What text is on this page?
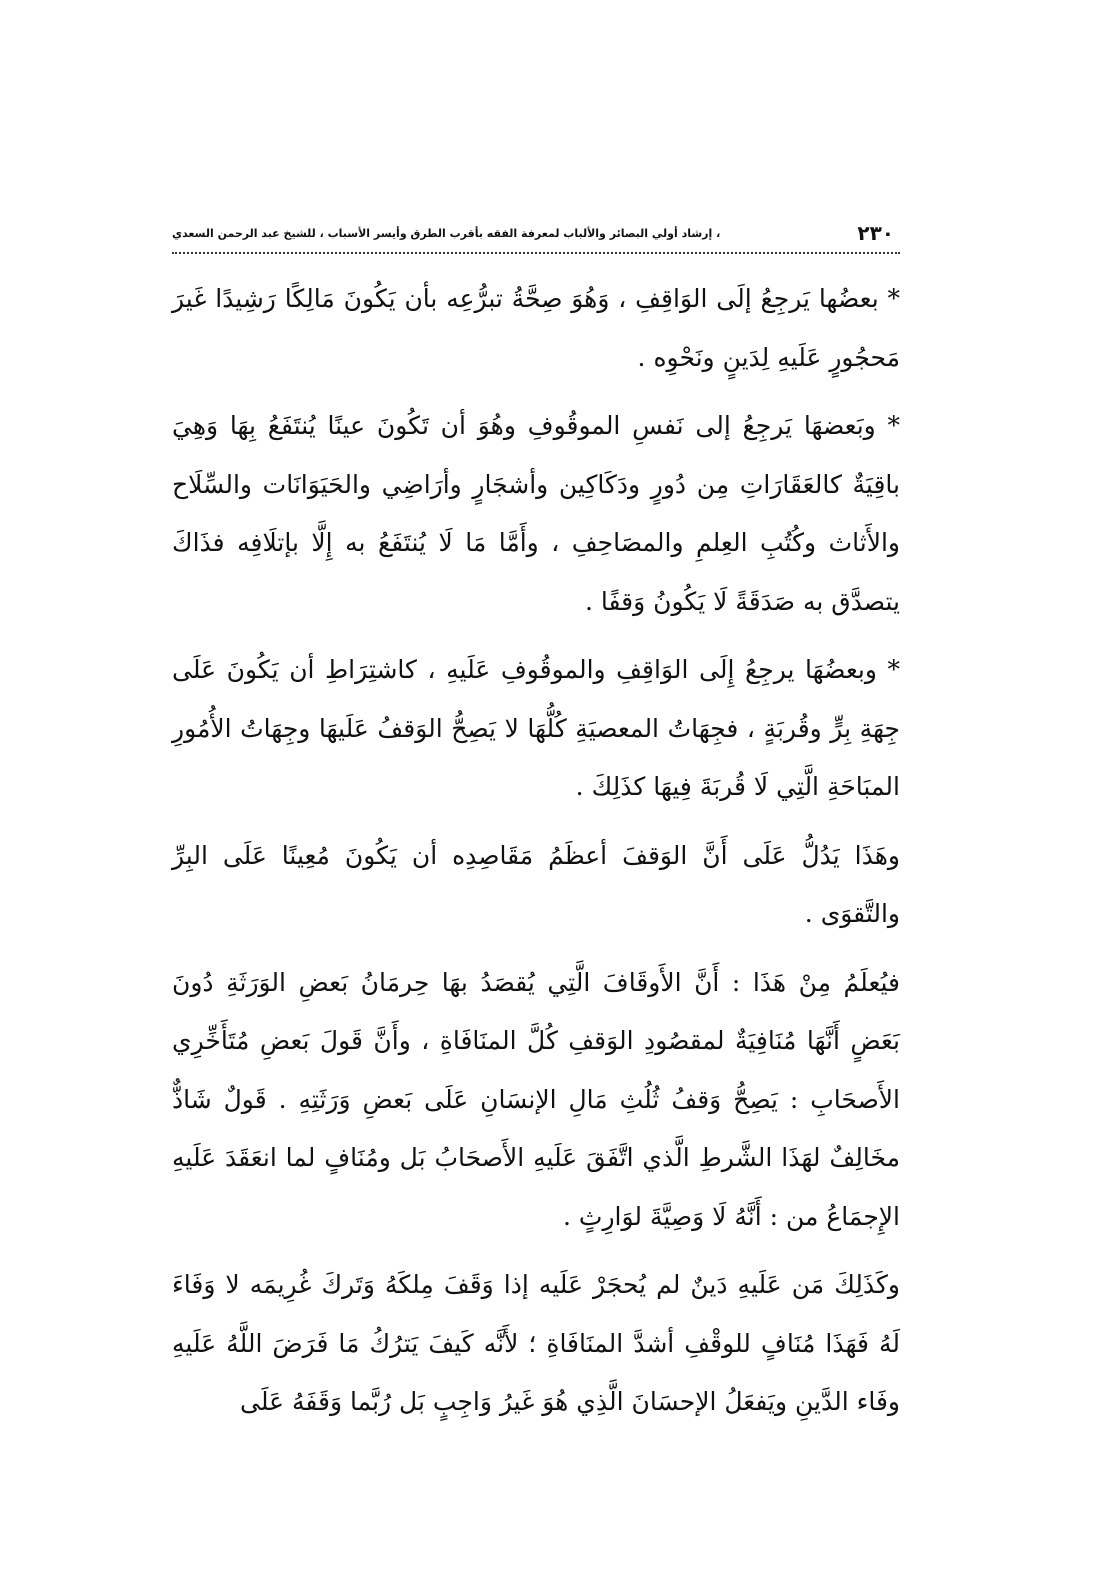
٢٣٠
، إرشاد أولي البصائر والألباب لمعرفة الفقه بأقرب الطرق وأيسر الأسباب ، للشيخ عبد الرحمن السعدي

* بعضُها يَرجِعُ إلَى الوَاقِفِ ، وَهُوَ صِحَّةُ تبرُّعِه بأن يَكُونَ مَالِكًا رَشِيدًا غَيرَ مَحجُورٍ عَلَيهِ لِدَينٍ ونَحْوِه .

* وبَعضهَا يَرجِعُ إلى نَفسِ الموقُوفِ وهُوَ أن تَكُونَ عينًا يُنتَفَعُ بِهَا وَهِيَ باقِيَةٌ كالعَقَارَاتِ مِن دُورٍ ودَكَاكِين وأشجَارٍ وأرَاضِي والحَيَوَانَات والسِّلَاح والأَثاث وكُتُبِ العِلمِ والمصَاحِفِ ، وأَمَّا مَا لَا يُنتَفَعُ به إِلَّا بإتلَافِه فذَاكَ يتصدَّق به صَدَقَةً لَا يَكُونُ وَقفًا .

* وبعضُهَا يرجِعُ إِلَى الوَاقِفِ والموقُوفِ عَلَيهِ ، كاشتِرَاطِ أن يَكُونَ عَلَى جِهَةِ بِرٍّ وقُربَةٍ ، فجِهَاتُ المعصيَةِ كُلُّهَا لا يَصِحُّ الوَقفُ عَلَيهَا وجِهَاتُ الأُمُورِ المبَاحَةِ الَّتِي لَا قُربَةَ فِيهَا كذَلِكَ .

وهَذَا يَدُلُّ عَلَى أَنَّ الوَقفَ أعظَمُ مَقَاصِدِه أن يَكُونَ مُعِينًا عَلَى البِرِّ والتَّقوَى .

فيُعلَمُ مِنْ هَذَا : أَنَّ الأَوقَافَ الَّتِي يُقصَدُ بهَا حِرمَانُ بَعضِ الوَرَثَةِ دُونَ بَعَضٍ أَنَّهَا مُنَافِيَةٌ لمقصُودِ الوَقفِ كُلَّ المنَافَاةِ ، وأَنَّ قَولَ بَعضِ مُتَأَخِّرِي الأَصحَابِ : يَصِحُّ وَقفُ ثُلُثِ مَالِ الإنسَانِ عَلَى بَعضِ وَرَثَتِهِ . قَولٌ شَاذٌّ مخَالِفٌ لهَذَا الشَّرطِ الَّذي اتَّفَقَ عَلَيهِ الأَصحَابُ بَل ومُنَافٍ لما انعَقَدَ عَلَيهِ الإِجمَاعُ من : أَنَّهُ لَا وَصِيَّةَ لوَارِثٍ .

وكَذَلِكَ مَن عَلَيهِ دَينٌ لم يُحجَرْ عَلَيه إذا وَقَفَ مِلكَهُ وَتَركَ غُرِيمَه لا وَفَاءَ لَهُ فَهَذَا مُنَافٍ للوقْفِ أشدَّ المنَافَاةِ ؛ لأَنَّه كَيفَ يَترُكُ مَا فَرَضَ اللَّهُ عَلَيهِ وفَاء الدَّينِ ويَفعَلُ الإحسَانَ الَّذِي هُوَ غَيرُ وَاجِبٍ بَل رُبَّما وَقَفَهُ عَلَى
